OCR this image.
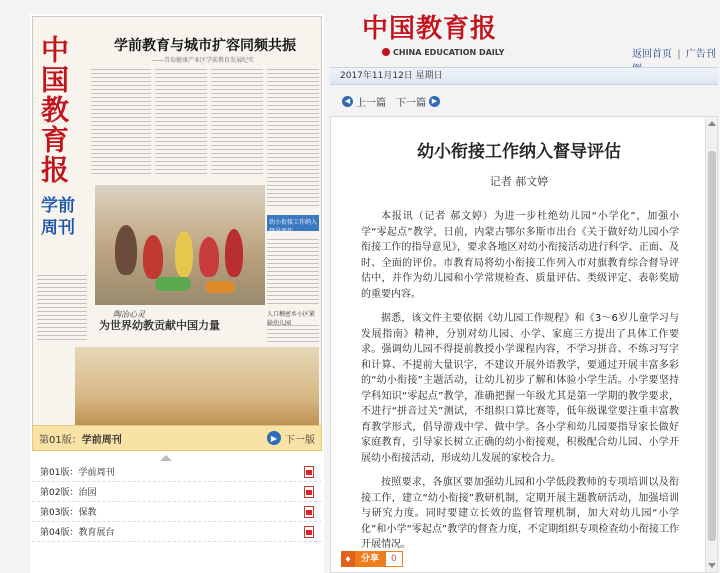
中国教育报
学前周刊
学前教育与城市扩容同频共振
——青岛健康产业区学前教育发展纪实
陶冶心灵
为世界幼教贡献中国力量
幼小衔接工作纳入督导评估
人口稠密乡小区紧缺幼儿园
第01版： 学前周刊	▶ 下一版
第01版： 学前周刊
第02版： 治园
第03版： 保教
第04版： 教育展台
中国教育报
CHINA EDUCATION DAILY	返回首页 | 广告刊
2017年11月12日 星期日
◀ 上一篇 下一篇 ▶
幼小衔接工作纳入督导评估
记者 郝文婷

本报讯（记者 郝文婷）为进一步杜绝幼儿园“小学化”，加强小学“零起点”教学，日前，内蒙古鄂尔多斯市出台《关于做好幼儿园小学衔接工作的指导意见》，要求各地区对幼小衔接活动进行科学、正面、及时、全面的评价。市教育局将幼小衔接工作列入市对旗教育综合督导评估中，并作为幼儿园和小学常规检查、质量评估、类级评定、表彰奖励的重要内容。

据悉，该文件主要依据《幼儿园工作规程》和《3～6岁儿童学习与发展指南》精神，分别对幼儿园、小学、家庭三方提出了具体工作要求。强调幼儿园不得提前教授小学课程内容，不学习拼音、不练习写字和计算、不提前大量识字，不建议开展外语教学，要通过开展丰富多彩的“幼小衔接”主题活动，让幼儿初步了解和体验小学生活。小学要坚持学科知识“零起点”教学，准确把握一年级尤其是第一学期的教学要求，不进行“拼音过关”测试，不组织口算比赛等，低年级课堂要注重丰富教育教学形式，倡导游戏中学、做中学。各小学和幼儿园要指导家长做好家庭教育，引导家长树立正确的幼小衔接观，积极配合幼儿园、小学开展幼小衔接活动，形成幼儿发展的家校合力。

按照要求，各旗区要加强幼儿园和小学低段教师的专项培训以及衔接工作，建立“幼小衔接”教研机制，定期开展主题教研活动，加强培训与研究力度。同时要建立长效的监督管理机制，加大对幼儿园“小学化”和小学“零起点”教学的督查力度，不定期组织专项检查幼小衔接工作开展情况。

♦	分享	0
